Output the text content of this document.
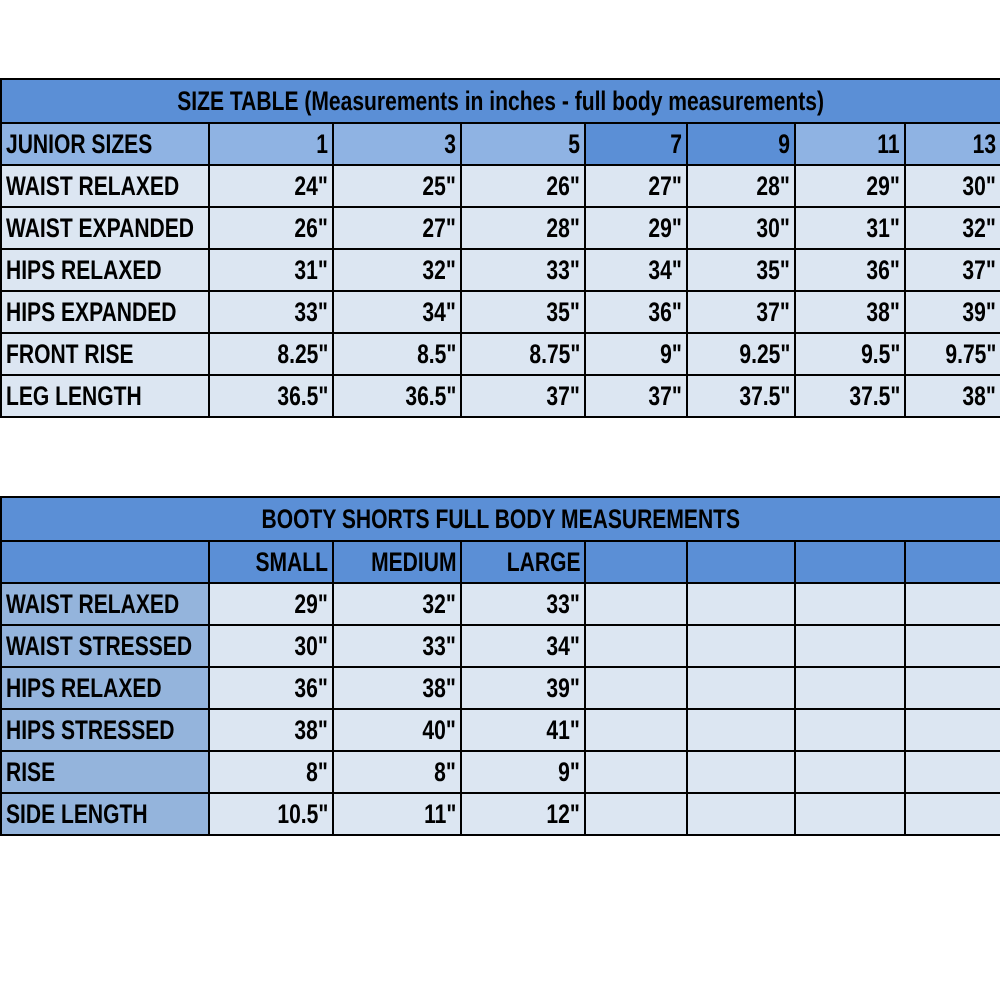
SIZE TABLE (Measurements in inches - full body measurements)							
JUNIOR SIZES	1	3	5	7	9	11	13
WAIST RELAXED	24"	25"	26"	27"	28"	29"	30"
WAIST EXPANDED	26"	27"	28"	29"	30"	31"	32"
HIPS RELAXED	31"	32"	33"	34"	35"	36"	37"
HIPS EXPANDED	33"	34"	35"	36"	37"	38"	39"
FRONT RISE	8.25"	8.5"	8.75"	9"	9.25"	9.5"	9.75"
LEG LENGTH	36.5"	36.5"	37"	37"	37.5"	37.5"	38"
BOOTY SHORTS FULL BODY MEASUREMENTS							
	SMALL	MEDIUM	LARGE				
WAIST RELAXED	29"	32"	33"				
WAIST STRESSED	30"	33"	34"				
HIPS RELAXED	36"	38"	39"				
HIPS STRESSED	38"	40"	41"				
RISE	8"	8"	9"				
SIDE LENGTH	10.5"	11"	12"				
